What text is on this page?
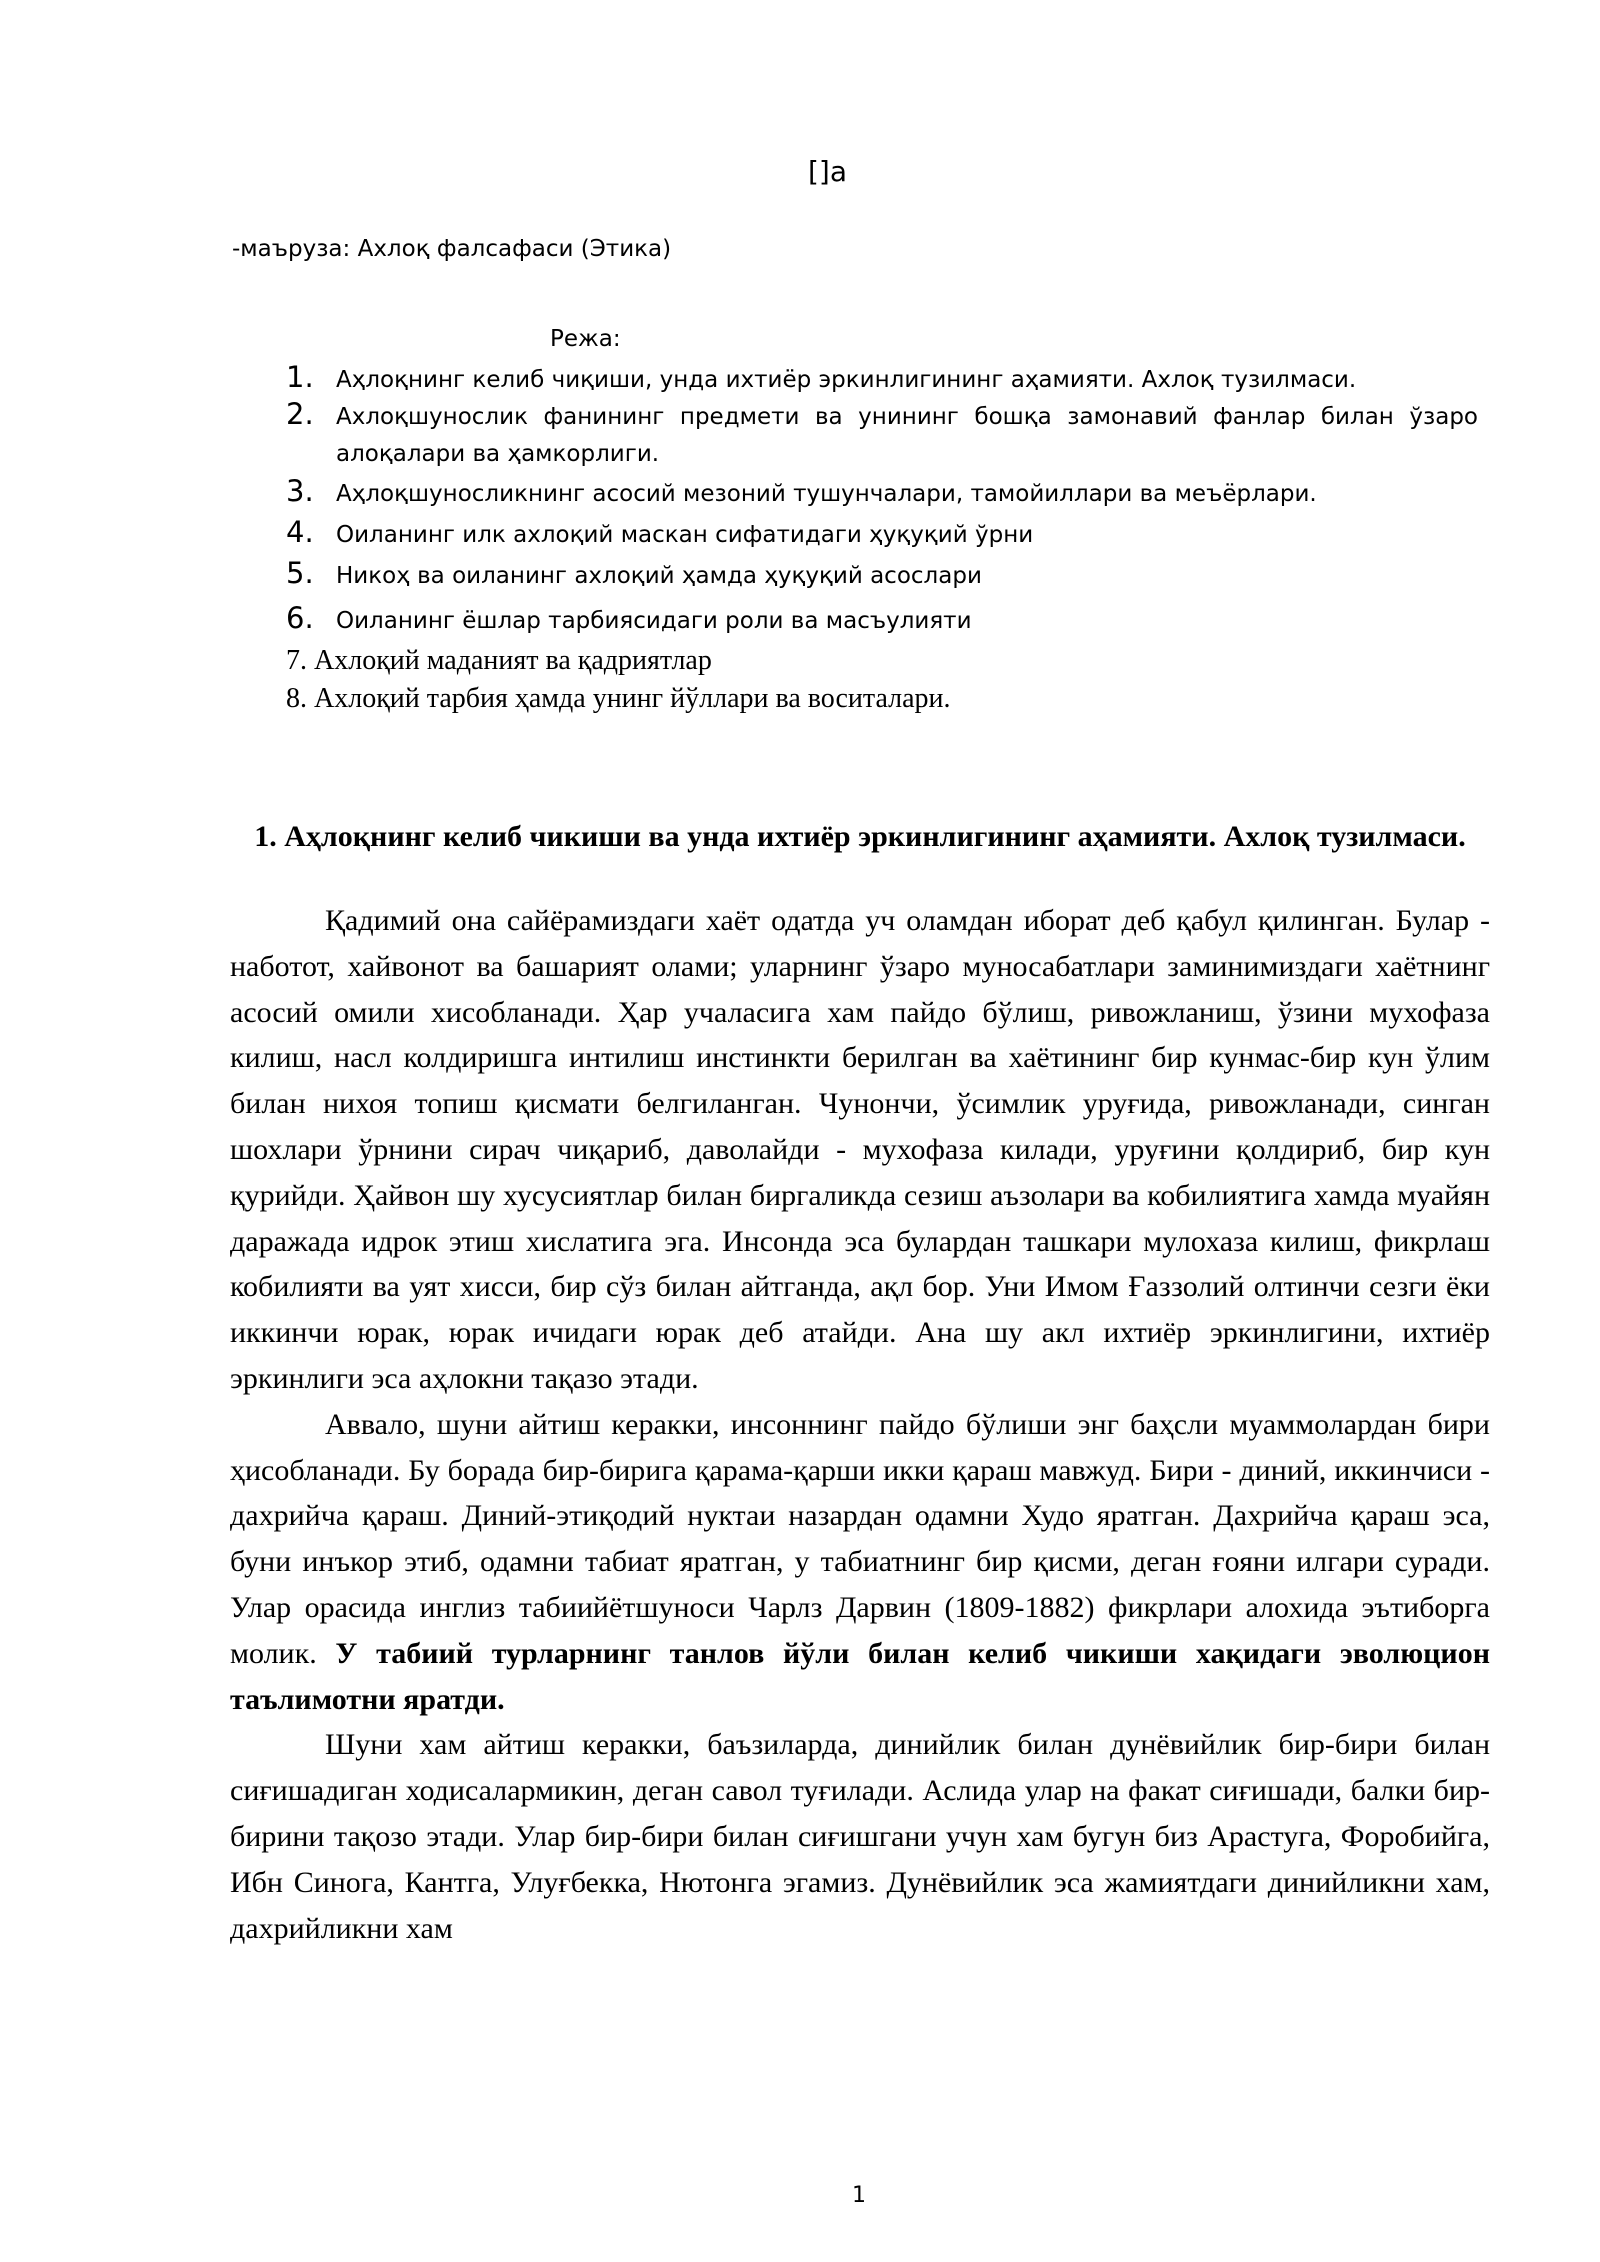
[]а
-маъруза: Ахлоқ фалсафаси (Этика)
Режа:
1. Аҳлоқнинг келиб чиқиши, унда ихтиёр эркинлигининг аҳамияти. Ахлоқ тузилмаси.
2. Ахлоқшунослик фанининг предмети ва унининг бошқа замонавий фанлар билан ўзаро алоқалари ва ҳамкорлиги.
3. Аҳлоқшуносликнинг асосий мезоний тушунчалари, тамойиллари ва меъёрлари.
4. Оиланинг илк ахлоқий маскан сифатидаги ҳуқуқий ўрни
5. Никоҳ ва оиланинг ахлоқий ҳамда ҳуқуқий асослари
6. Оиланинг ёшлар тарбиясидаги роли ва масъулияти
7. Ахлоқий маданият ва қадриятлар
8. Ахлоқий тарбия ҳамда унинг йўллари ва воситалари.
1. Аҳлоқнинг келиб чикиши ва унда ихтиёр эркинлигининг аҳамияти. Ахлоқ тузилмаси.

Қадимий она сайёрамиздаги хаёт одатда уч оламдан иборат деб қабул қилинган. Булар - наботот, хайвонот ва башарият олами; уларнинг ўзаро муносабатлари заминимиздаги хаётнинг асосий омили хисобланади. Ҳар учаласига хам пайдо бўлиш, ривожланиш, ўзини мухофаза килиш, насл колдиришга интилиш инстинкти берилган ва хаётининг бир кунмас-бир кун ўлим билан нихоя топиш қисмати белгиланган. Чунончи, ўсимлик уруғида, ривожланади, синган шохлари ўрнини сирач чиқариб, даволайди - мухофаза килади, уруғини қолдириб, бир кун қурийди. Ҳайвон шу хусусиятлар билан биргаликда сезиш аъзолари ва кобилиятига хамда муайян даражада идрок этиш хислатига эга. Инсонда эса булардан ташкари мулохаза килиш, фикрлаш кобилияти ва уят хисси, бир сўз билан айтганда, ақл бор. Уни Имом Ғаззолий олтинчи сезги ёки иккинчи юрак, юрак ичидаги юрак деб атайди. Ана шу акл ихтиёр эркинлигини, ихтиёр эркинлиги эса аҳлокни тақазо этади.

Аввало, шуни айтиш керакки, инсоннинг пайдо бўлиши энг баҳсли муаммолардан бири ҳисобланади. Бу борада бир-бирига қарама-қарши икки қараш мавжуд. Бири - диний, иккинчиси - дахрийча қараш. Диний-этиқодий нуктаи назардан одамни Худо яратган. Дахрийча қараш эса, буни инъкор этиб, одамни табиат яратган, у табиатнинг бир қисми, деган ғояни илгари суради. Улар орасида инглиз табиийётшуноси Чарлз Дарвин (1809-1882) фикрлари алохида эътиборга молик. У табиий турларнинг танлов йўли билан келиб чикиши хақидаги эволюцион таълимотни яратди.

Шуни хам айтиш керакки, баъзиларда, динийлик билан дунёвийлик бир-бири билан сиғишадиган ходисалармикин, деган савол туғилади. Аслида улар на факат сиғишади, балки бир-бирини тақозо этади. Улар бир-бири билан сиғишгани учун хам бугун биз Арастуга, Форобийга, Ибн Синога, Кантга, Улуғбекка, Нютонга эгамиз. Дунёвийлик эса жамиятдаги динийликни хам, дахрийликни хам

1
